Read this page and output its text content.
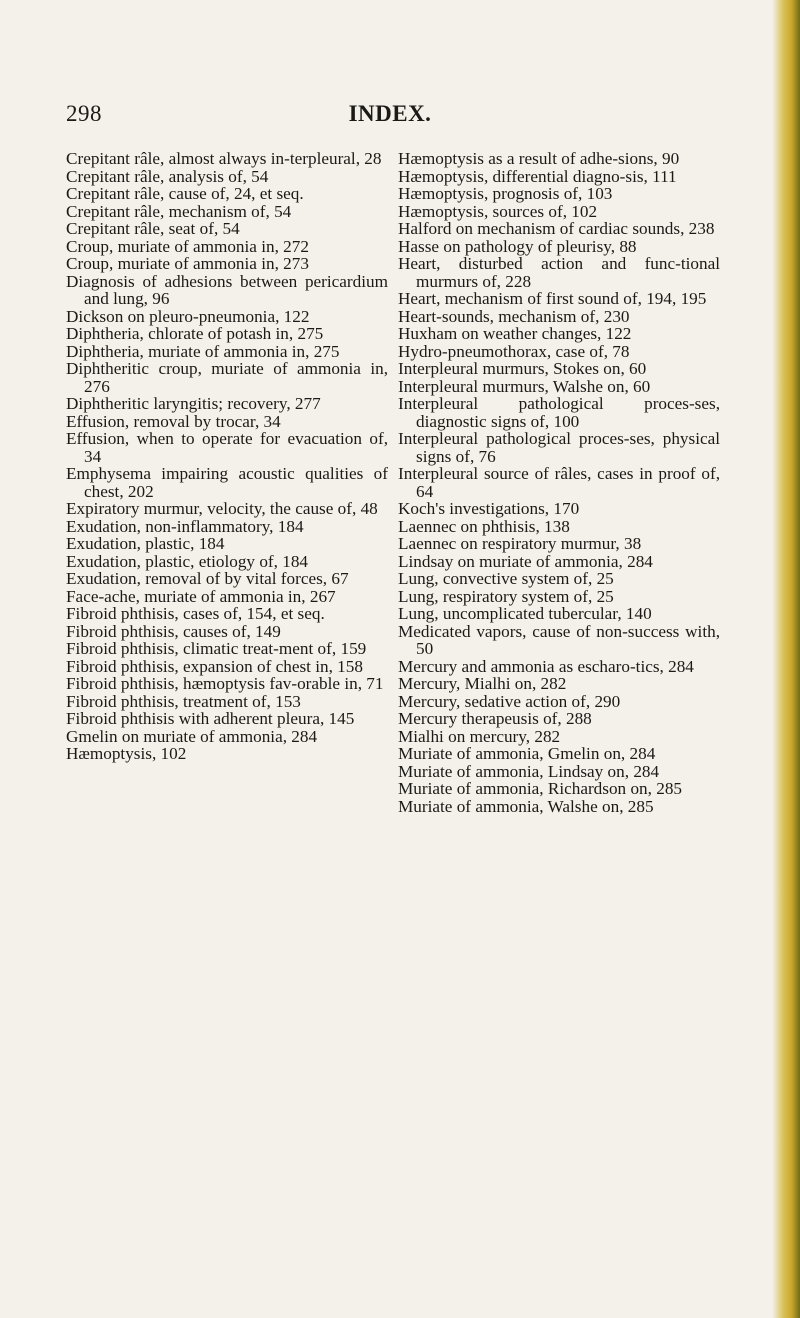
298	INDEX.
Crepitant râle, almost always in-terpleural, 28
Crepitant râle, analysis of, 54
Crepitant râle, cause of, 24, et seq.
Crepitant râle, mechanism of, 54
Crepitant râle, seat of, 54
Croup, muriate of ammonia in, 272
Croup, muriate of ammonia in, 273
Diagnosis of adhesions between pericardium and lung, 96
Dickson on pleuro-pneumonia, 122
Diphtheria, chlorate of potash in, 275
Diphtheria, muriate of ammonia in, 275
Diphtheritic croup, muriate of ammonia in, 276
Diphtheritic laryngitis; recovery, 277
Effusion, removal by trocar, 34
Effusion, when to operate for evacuation of, 34
Emphysema impairing acoustic qualities of chest, 202
Expiratory murmur, velocity, the cause of, 48
Exudation, non-inflammatory, 184
Exudation, plastic, 184
Exudation, plastic, etiology of, 184
Exudation, removal of by vital forces, 67
Face-ache, muriate of ammonia in, 267
Fibroid phthisis, cases of, 154, et seq.
Fibroid phthisis, causes of, 149
Fibroid phthisis, climatic treat-ment of, 159
Fibroid phthisis, expansion of chest in, 158
Fibroid phthisis, hæmoptysis fav-orable in, 71
Fibroid phthisis, treatment of, 153
Fibroid phthisis with adherent pleura, 145
Gmelin on muriate of ammonia, 284
Hæmoptysis, 102
Hæmoptysis as a result of adhe-sions, 90
Hæmoptysis, differential diagno-sis, 111
Hæmoptysis, prognosis of, 103
Hæmoptysis, sources of, 102
Halford on mechanism of cardiac sounds, 238
Hasse on pathology of pleurisy, 88
Heart, disturbed action and func-tional murmurs of, 228
Heart, mechanism of first sound of, 194, 195
Heart-sounds, mechanism of, 230
Huxham on weather changes, 122
Hydro-pneumothorax, case of, 78
Interpleural murmurs, Stokes on, 60
Interpleural murmurs, Walshe on, 60
Interpleural pathological proces-ses, diagnostic signs of, 100
Interpleural pathological proces-ses, physical signs of, 76
Interpleural source of râles, cases in proof of, 64
Koch's investigations, 170
Laennec on phthisis, 138
Laennec on respiratory murmur, 38
Lindsay on muriate of ammonia, 284
Lung, convective system of, 25
Lung, respiratory system of, 25
Lung, uncomplicated tubercular, 140
Medicated vapors, cause of non-success with, 50
Mercury and ammonia as escharo-tics, 284
Mercury, Mialhi on, 282
Mercury, sedative action of, 290
Mercury therapeusis of, 288
Mialhi on mercury, 282
Muriate of ammonia, Gmelin on, 284
Muriate of ammonia, Lindsay on, 284
Muriate of ammonia, Richardson on, 285
Muriate of ammonia, Walshe on, 285
